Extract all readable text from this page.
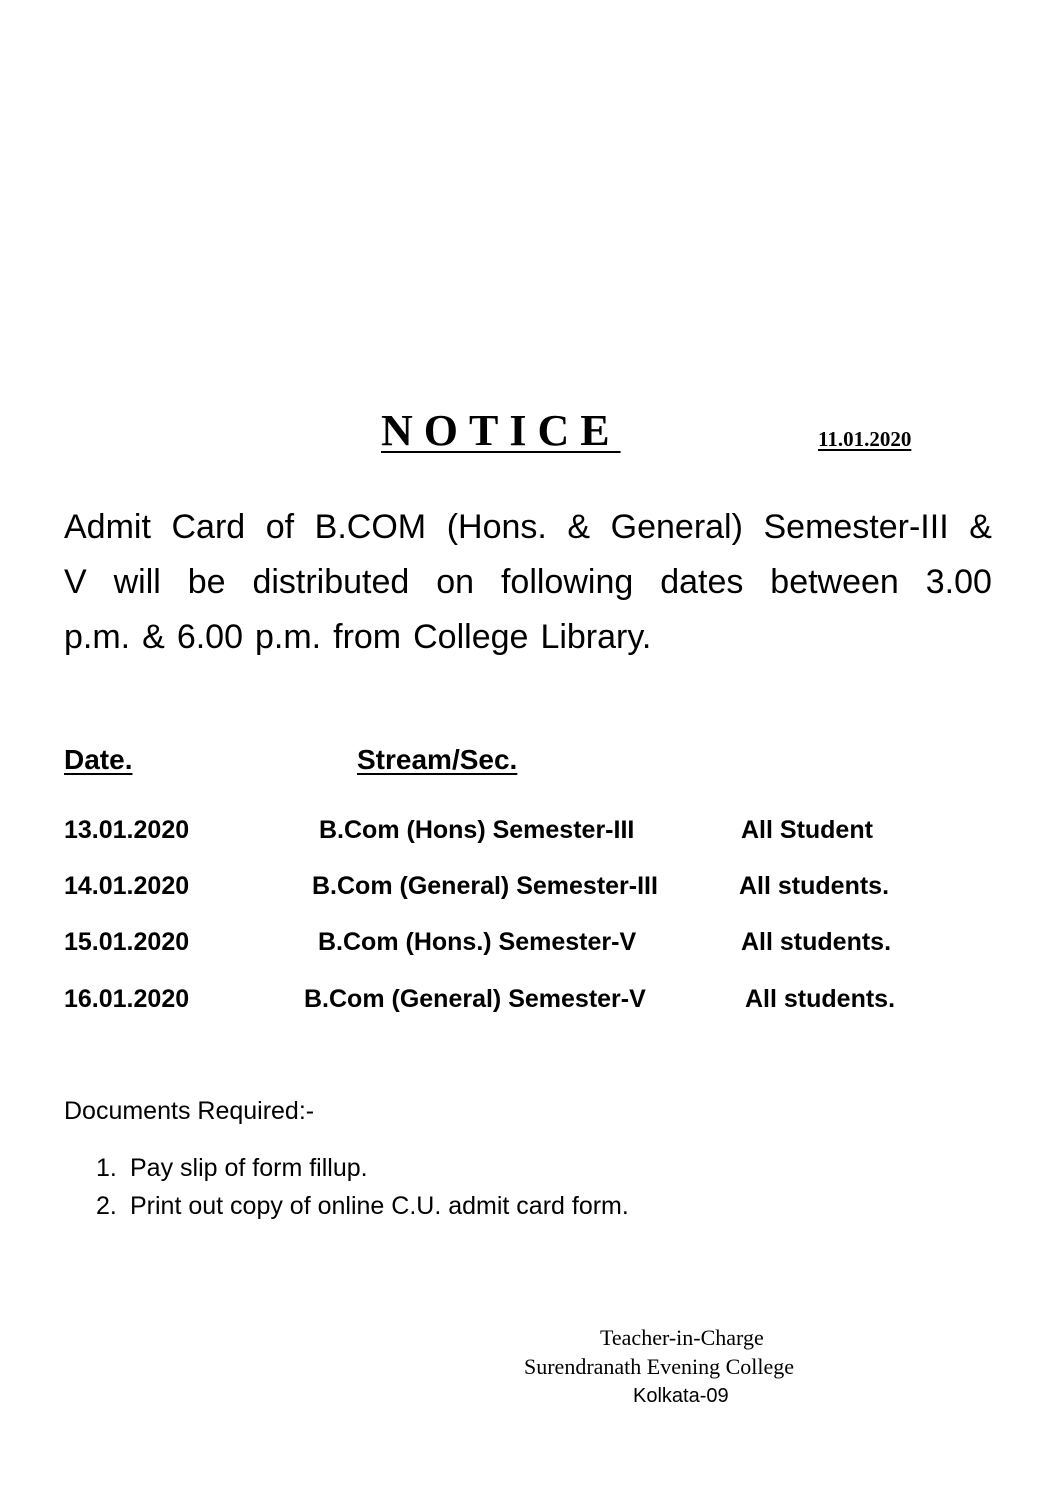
NOTICE	11.01.2020
Admit Card of B.COM (Hons. & General) Semester-III &
V will be distributed on following dates between 3.00
p.m. & 6.00 p.m. from College Library.
Date.	Stream/Sec.
13.01.2020	B.Com (Hons) Semester-III	All Student
14.01.2020	B.Com (General) Semester-III	All students.
15.01.2020	B.Com (Hons.) Semester-V	All students.
16.01.2020	B.Com (General) Semester-V	All students.
Documents Required:-
1. Pay slip of form fillup.
2. Print out copy of online C.U. admit card form.
Teacher-in-Charge
Surendranath Evening College
Kolkata-09
